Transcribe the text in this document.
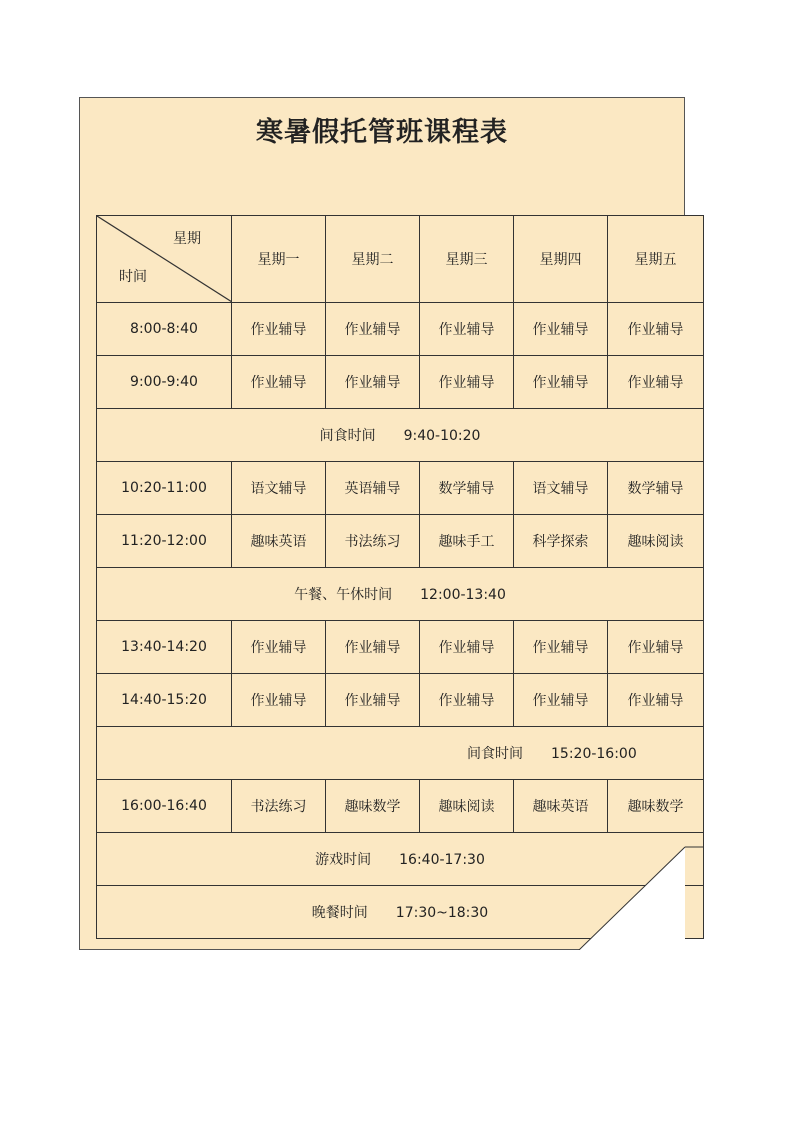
寒暑假托管班课程表
星期
时间	星期一	星期二	星期三	星期四	星期五
8:00-8:40	作业辅导	作业辅导	作业辅导	作业辅导	作业辅导
9:00-9:40	作业辅导	作业辅导	作业辅导	作业辅导	作业辅导
间食时间 9:40-10:20					
10:20-11:00	语文辅导	英语辅导	数学辅导	语文辅导	数学辅导
11:20-12:00	趣味英语	书法练习	趣味手工	科学探索	趣味阅读
午餐、午休时间 12:00-13:40					
13:40-14:20	作业辅导	作业辅导	作业辅导	作业辅导	作业辅导
14:40-15:20	作业辅导	作业辅导	作业辅导	作业辅导	作业辅导
间食时间 15:20-16:00					
16:00-16:40	书法练习	趣味数学	趣味阅读	趣味英语	趣味数学
游戏时间 16:40-17:30					
晚餐时间 17:30~18:30					
